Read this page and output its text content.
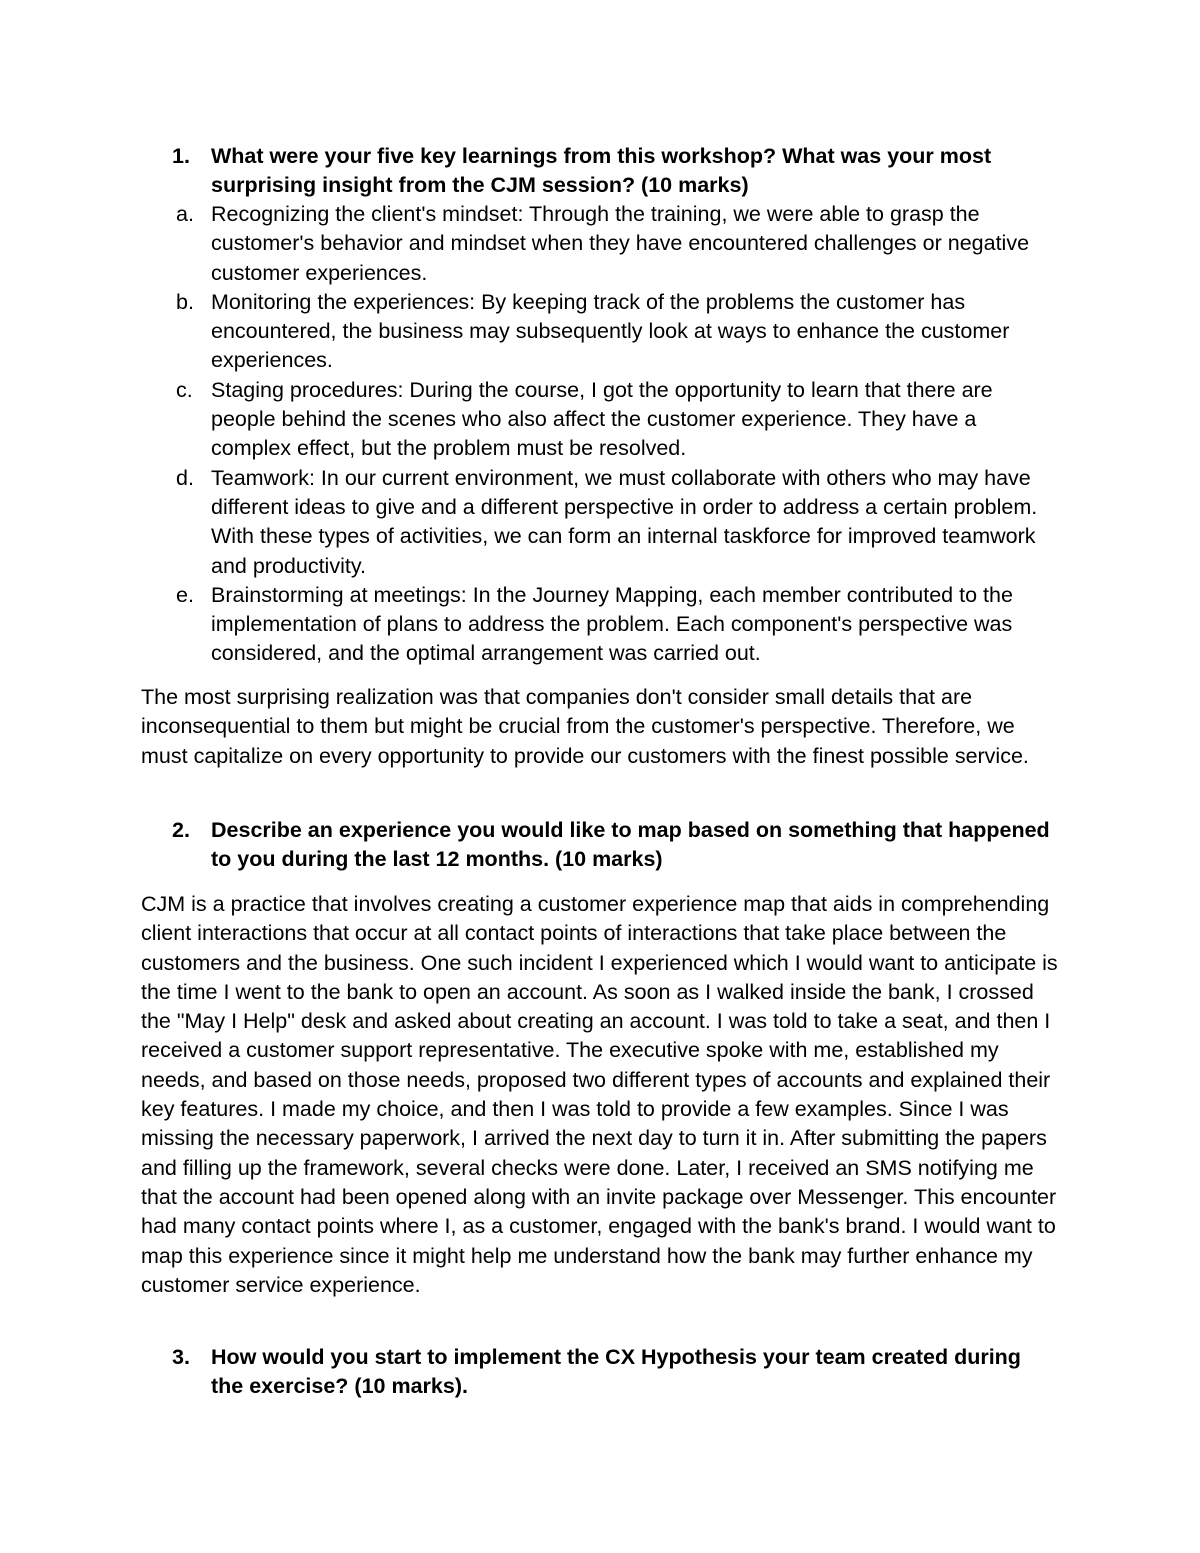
1. What were your five key learnings from this workshop? What was your most surprising insight from the CJM session? (10 marks)
a. Recognizing the client's mindset: Through the training, we were able to grasp the customer's behavior and mindset when they have encountered challenges or negative customer experiences.
b. Monitoring the experiences: By keeping track of the problems the customer has encountered, the business may subsequently look at ways to enhance the customer experiences.
c. Staging procedures: During the course, I got the opportunity to learn that there are people behind the scenes who also affect the customer experience. They have a complex effect, but the problem must be resolved.
d. Teamwork: In our current environment, we must collaborate with others who may have different ideas to give and a different perspective in order to address a certain problem. With these types of activities, we can form an internal taskforce for improved teamwork and productivity.
e. Brainstorming at meetings: In the Journey Mapping, each member contributed to the implementation of plans to address the problem. Each component's perspective was considered, and the optimal arrangement was carried out.

The most surprising realization was that companies don't consider small details that are inconsequential to them but might be crucial from the customer's perspective. Therefore, we must capitalize on every opportunity to provide our customers with the finest possible service.

2. Describe an experience you would like to map based on something that happened to you during the last 12 months. (10 marks)

CJM is a practice that involves creating a customer experience map that aids in comprehending client interactions that occur at all contact points of interactions that take place between the customers and the business. One such incident I experienced which I would want to anticipate is the time I went to the bank to open an account. As soon as I walked inside the bank, I crossed the "May I Help" desk and asked about creating an account. I was told to take a seat, and then I received a customer support representative. The executive spoke with me, established my needs, and based on those needs, proposed two different types of accounts and explained their key features. I made my choice, and then I was told to provide a few examples. Since I was missing the necessary paperwork, I arrived the next day to turn it in. After submitting the papers and filling up the framework, several checks were done. Later, I received an SMS notifying me that the account had been opened along with an invite package over Messenger. This encounter had many contact points where I, as a customer, engaged with the bank's brand. I would want to map this experience since it might help me understand how the bank may further enhance my customer service experience.

3. How would you start to implement the CX Hypothesis your team created during the exercise? (10 marks).
